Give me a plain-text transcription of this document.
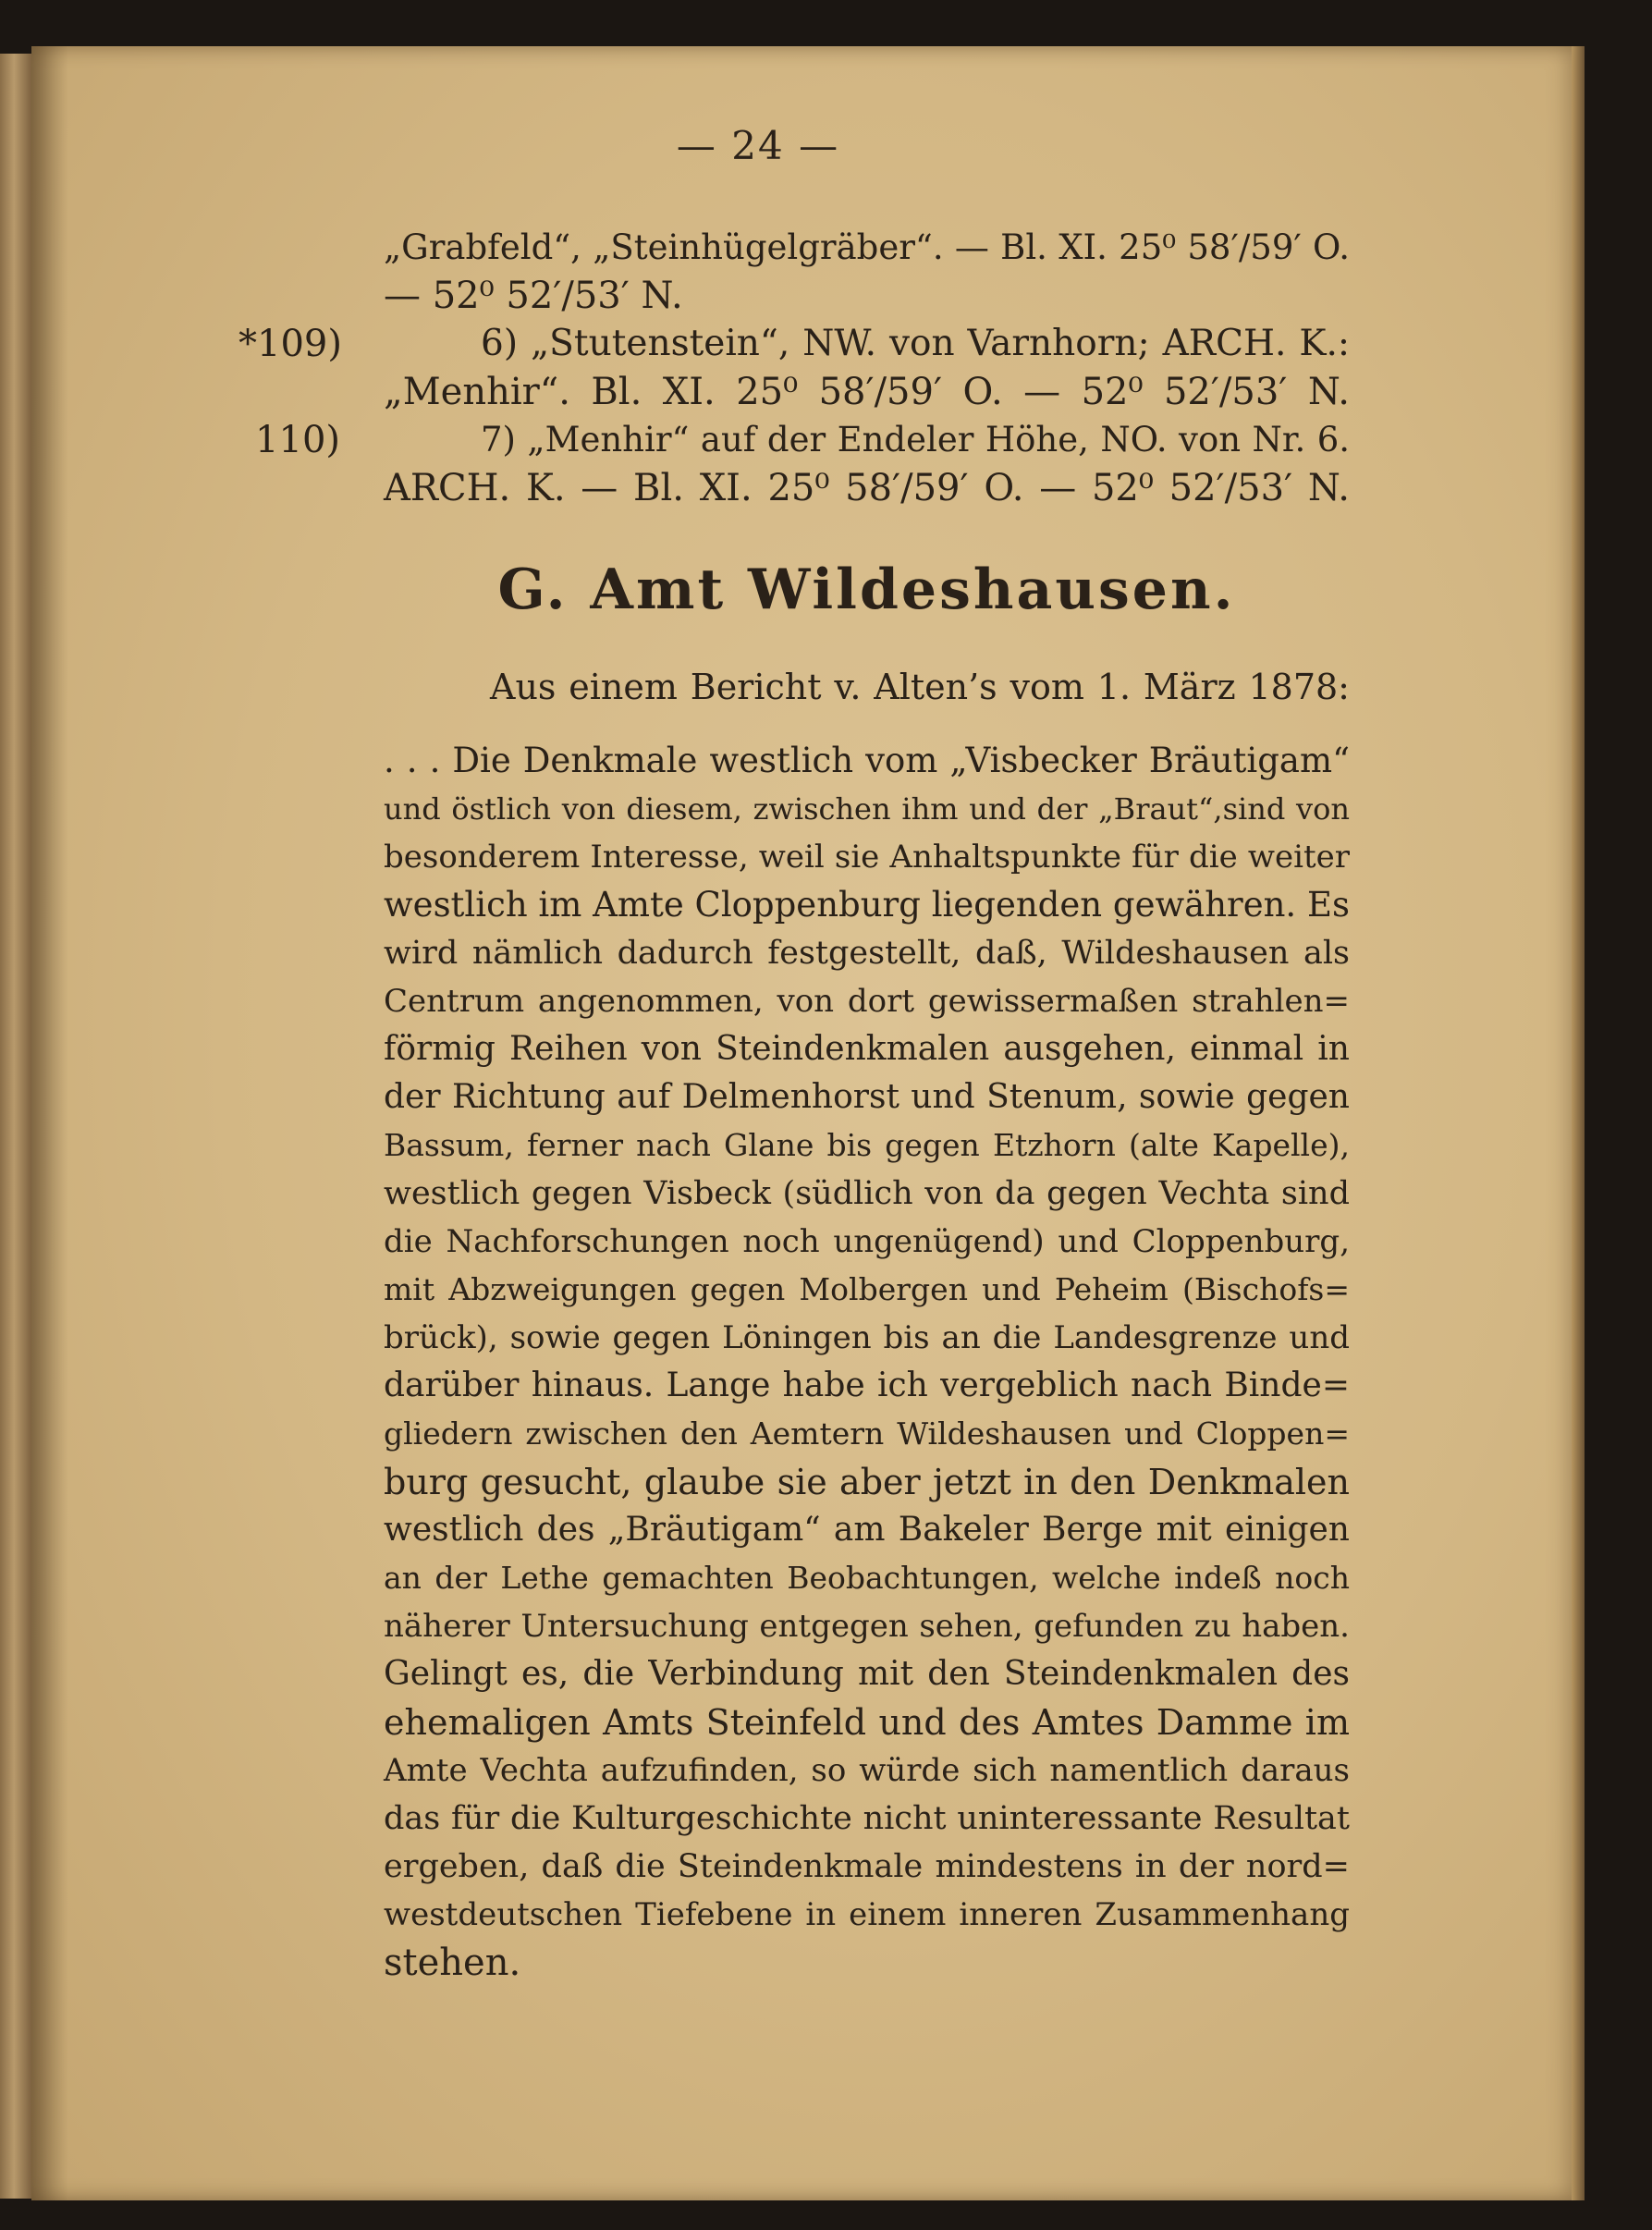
— 24 —
„Grabfeld“, „Steinhügelgräber“. — Bl. XI. 25⁰ 58′/59′ O.
— 52⁰ 52′/53′ N.
*109)	6) „Stutenstein“, NW. von Varnhorn; ARCH. K.:
„Menhir“. Bl. XI. 25⁰ 58′/59′ O. — 52⁰ 52′/53′ N.
110)	7) „Menhir“ auf der Endeler Höhe, NO. von Nr. 6.
ARCH. K. — Bl. XI. 25⁰ 58′/59′ O. — 52⁰ 52′/53′ N.
G. Amt Wildeshausen.
Aus einem Bericht v. Alten’s vom 1. März 1878:
. . . Die Denkmale westlich vom „Visbecker Bräutigam“
und östlich von diesem, zwischen ihm und der „Braut“,sind von
besonderem Interesse, weil sie Anhaltspunkte für die weiter
westlich im Amte Cloppenburg liegenden gewähren. Es
wird nämlich dadurch festgestellt, daß, Wildeshausen als
Centrum angenommen, von dort gewissermaßen strahlen=
förmig Reihen von Steindenkmalen ausgehen, einmal in
der Richtung auf Delmenhorst und Stenum, sowie gegen
Bassum, ferner nach Glane bis gegen Etzhorn (alte Kapelle),
westlich gegen Visbeck (südlich von da gegen Vechta sind
die Nachforschungen noch ungenügend) und Cloppenburg,
mit Abzweigungen gegen Molbergen und Peheim (Bischofs=
brück), sowie gegen Löningen bis an die Landesgrenze und
darüber hinaus. Lange habe ich vergeblich nach Binde=
gliedern zwischen den Aemtern Wildeshausen und Cloppen=
burg gesucht, glaube sie aber jetzt in den Denkmalen
westlich des „Bräutigam“ am Bakeler Berge mit einigen
an der Lethe gemachten Beobachtungen, welche indeß noch
näherer Untersuchung entgegen sehen, gefunden zu haben.
Gelingt es, die Verbindung mit den Steindenkmalen des
ehemaligen Amts Steinfeld und des Amtes Damme im
Amte Vechta aufzufinden, so würde sich namentlich daraus
das für die Kulturgeschichte nicht uninteressante Resultat
ergeben, daß die Steindenkmale mindestens in der nord=
westdeutschen Tiefebene in einem inneren Zusammenhang
stehen.
